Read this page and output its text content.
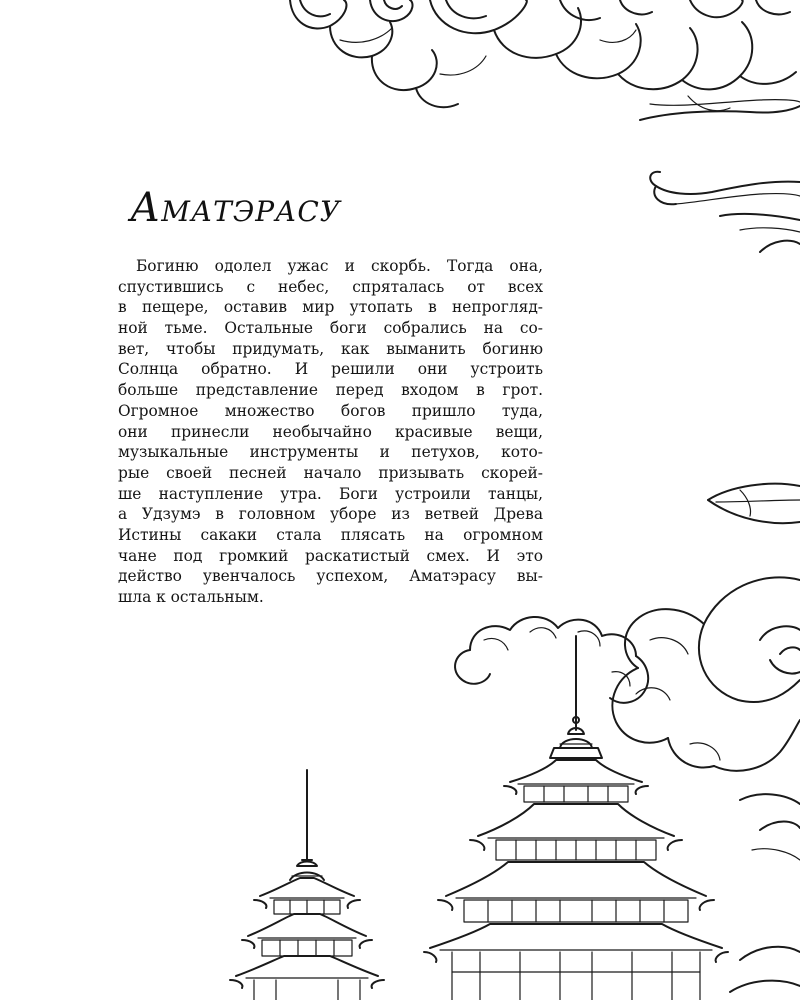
Аматэрасу
Богиню одолел ужас и скорбь. Тогда она,
спустившись с небес, спряталась от всех
в пещере, оставив мир утопать в непрогляд-
ной тьме. Остальные боги собрались на со-
вет, чтобы придумать, как выманить богиню
Солнца обратно. И решили они устроить
больше представление перед входом в грот.
Огромное множество богов пришло туда,
они принесли необычайно красивые вещи,
музыкальные инструменты и петухов, кото-
рые своей песней начало призывать скорей-
ше наступление утра. Боги устроили танцы,
а Удзумэ в головном уборе из ветвей Древа
Истины сакаки стала плясать на огромном
чане под громкий раскатистый смех. И это
действо увенчалось успехом, Аматэрасу вы-
шла к остальным.
